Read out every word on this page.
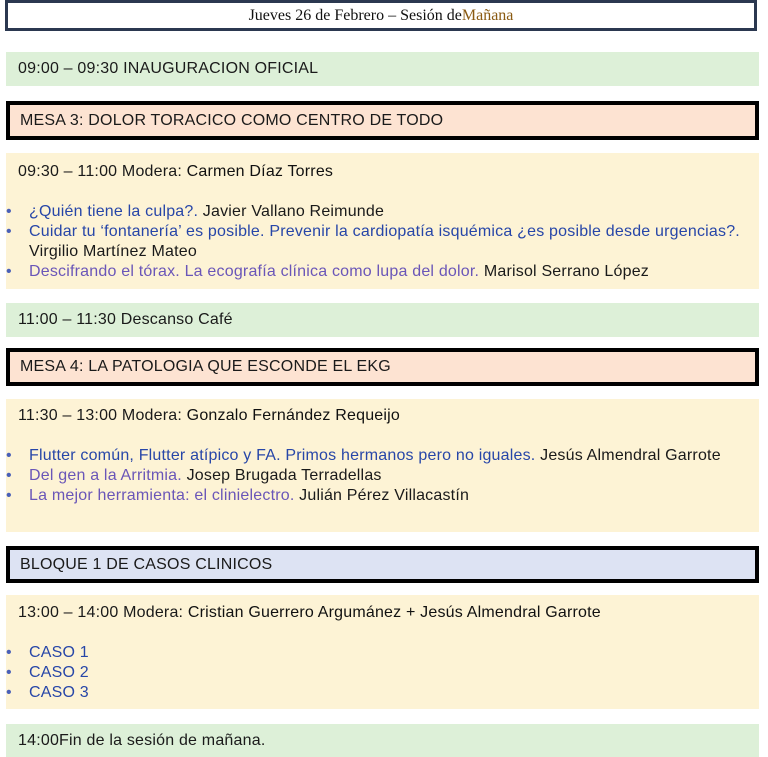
Jueves 26 de Febrero – Sesión de Mañana
09:00 – 09:30 INAUGURACION OFICIAL
MESA 3: DOLOR TORACICO COMO CENTRO DE TODO
09:30 – 11:00 Modera: Carmen Díaz Torres
• ¿Quién tiene la culpa?. Javier Vallano Reimunde
• Cuidar tu ‘fontanería’ es posible. Prevenir la cardiopatía isquémica ¿es posible desde urgencias?. Virgilio Martínez Mateo
• Descifrando el tórax. La ecografía clínica como lupa del dolor. Marisol Serrano López
11:00 – 11:30 Descanso Café
MESA 4: LA PATOLOGIA QUE ESCONDE EL EKG
11:30 – 13:00 Modera: Gonzalo Fernández Requeijo
• Flutter común, Flutter atípico y FA. Primos hermanos pero no iguales. Jesús Almendral Garrote
• Del gen a la Arritmia. Josep Brugada Terradellas
• La mejor herramienta: el clinielectro. Julián Pérez Villacastín
BLOQUE 1 DE CASOS CLINICOS
13:00 – 14:00 Modera: Cristian Guerrero Argumánez + Jesús Almendral Garrote
• CASO 1
• CASO 2
• CASO 3
14:00 Fin de la sesión de mañana.
